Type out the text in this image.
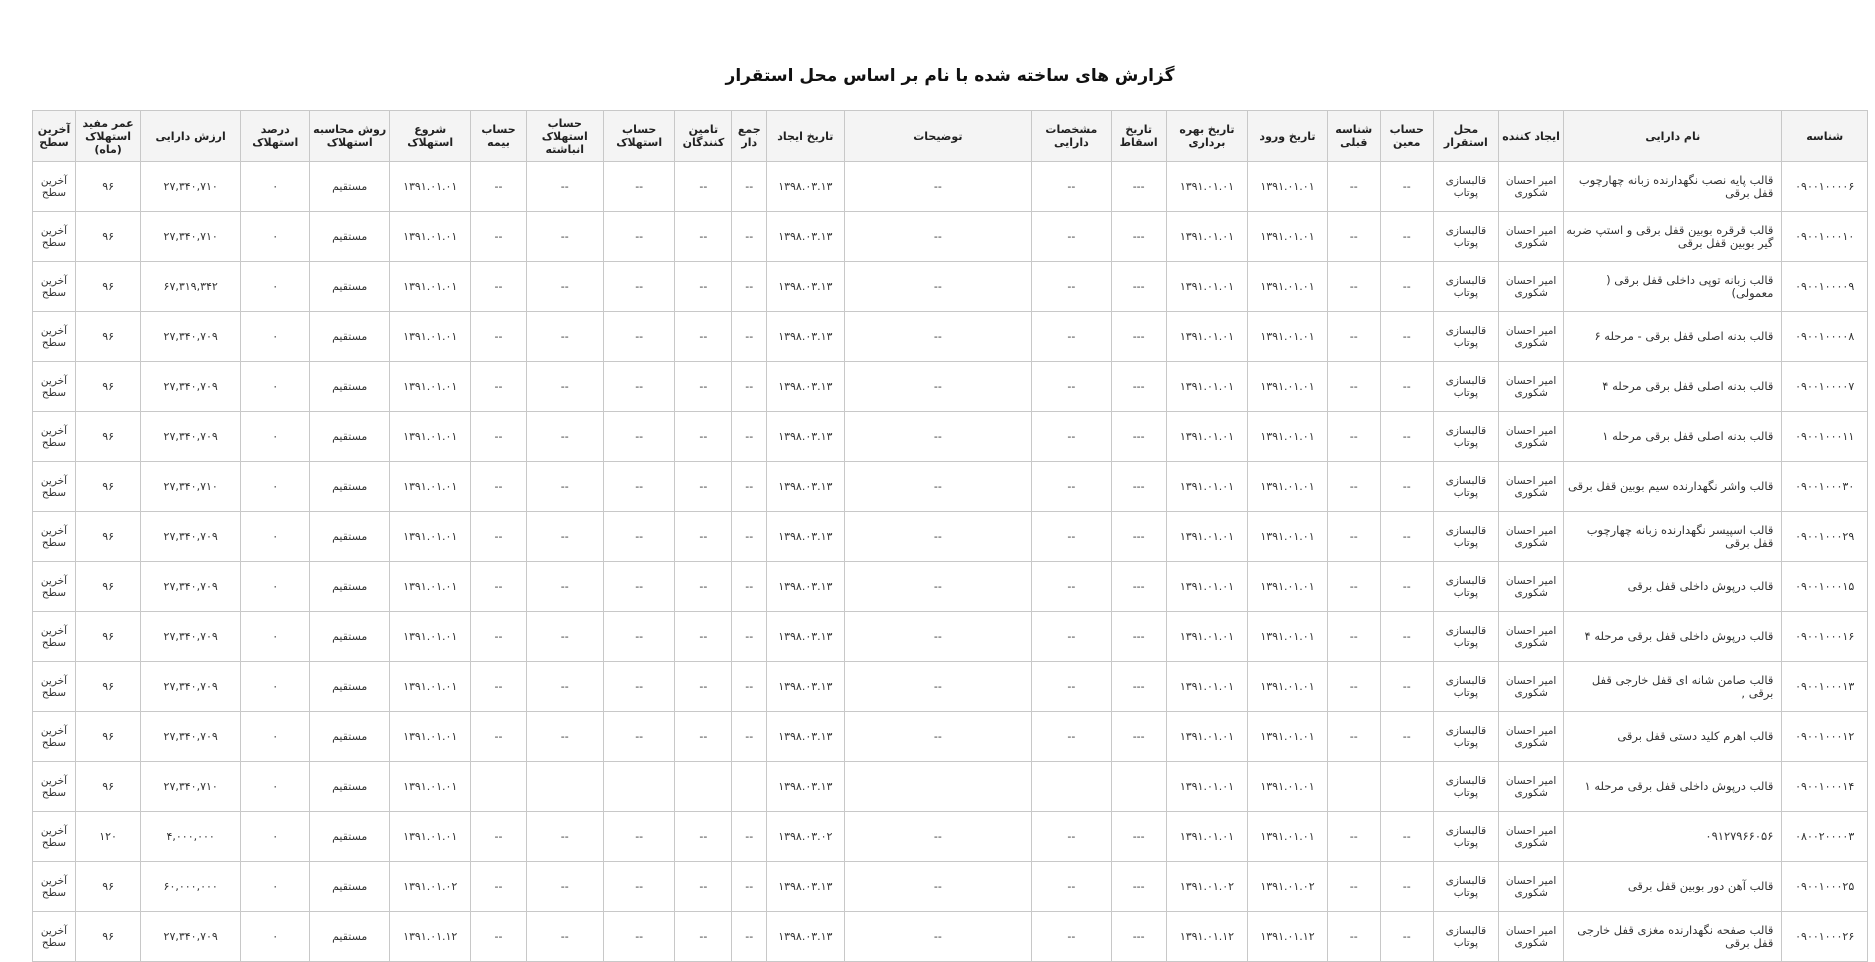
گزارش های ساخته شده با نام بر اساس محل استقرار
شناسه	نام دارایی	ایجاد کننده	محل استقرار	حساب معین	شناسه قبلی	تاریخ ورود	تاریخ بهره برداری	تاریخ اسقاط	مشخصات دارایی	توضیحات	تاریخ ایجاد	جمع دار	تامین کنندگان	حساب استهلاک	حساب استهلاک انباشته	حساب بیمه	شروع استهلاک	روش محاسبه استهلاک	درصد استهلاک	ارزش دارایی	عمر مفید استهلاک (ماه)	آخرین سطح
۰۹۰۰۱۰۰۰۰۶	قالب پایه نصب نگهدارنده زبانه چهارچوب قفل برقی	امیر احسان شکوری	قالبسازی پوتاب	--	--	۱۳۹۱.۰۱.۰۱	۱۳۹۱.۰۱.۰۱	---	--	--	۱۳۹۸.۰۳.۱۳	--	--	--	--	--	۱۳۹۱.۰۱.۰۱	مستقیم	۰	۲۷,۳۴۰,۷۱۰	۹۶	آخرین سطح
۰۹۰۰۱۰۰۰۱۰	قالب قرقره بوبین قفل برقی و استپ ضربه گیر بوبین قفل برقی	امیر احسان شکوری	قالبسازی پوتاب	--	--	۱۳۹۱.۰۱.۰۱	۱۳۹۱.۰۱.۰۱	---	--	--	۱۳۹۸.۰۳.۱۳	--	--	--	--	--	۱۳۹۱.۰۱.۰۱	مستقیم	۰	۲۷,۳۴۰,۷۱۰	۹۶	آخرین سطح
۰۹۰۰۱۰۰۰۰۹	قالب زبانه توپی داخلی قفل برقی ( معمولی)	امیر احسان شکوری	قالبسازی پوتاب	--	--	۱۳۹۱.۰۱.۰۱	۱۳۹۱.۰۱.۰۱	---	--	--	۱۳۹۸.۰۳.۱۳	--	--	--	--	--	۱۳۹۱.۰۱.۰۱	مستقیم	۰	۶۷,۳۱۹,۳۴۲	۹۶	آخرین سطح
۰۹۰۰۱۰۰۰۰۸	قالب بدنه اصلی قفل برقی - مرحله ۶	امیر احسان شکوری	قالبسازی پوتاب	--	--	۱۳۹۱.۰۱.۰۱	۱۳۹۱.۰۱.۰۱	---	--	--	۱۳۹۸.۰۳.۱۳	--	--	--	--	--	۱۳۹۱.۰۱.۰۱	مستقیم	۰	۲۷,۳۴۰,۷۰۹	۹۶	آخرین سطح
۰۹۰۰۱۰۰۰۰۷	قالب بدنه اصلی قفل برقی مرحله ۴	امیر احسان شکوری	قالبسازی پوتاب	--	--	۱۳۹۱.۰۱.۰۱	۱۳۹۱.۰۱.۰۱	---	--	--	۱۳۹۸.۰۳.۱۳	--	--	--	--	--	۱۳۹۱.۰۱.۰۱	مستقیم	۰	۲۷,۳۴۰,۷۰۹	۹۶	آخرین سطح
۰۹۰۰۱۰۰۰۱۱	قالب بدنه اصلی قفل برقی مرحله ۱	امیر احسان شکوری	قالبسازی پوتاب	--	--	۱۳۹۱.۰۱.۰۱	۱۳۹۱.۰۱.۰۱	---	--	--	۱۳۹۸.۰۳.۱۳	--	--	--	--	--	۱۳۹۱.۰۱.۰۱	مستقیم	۰	۲۷,۳۴۰,۷۰۹	۹۶	آخرین سطح
۰۹۰۰۱۰۰۰۳۰	قالب واشر نگهدارنده سیم بوبین قفل برقی	امیر احسان شکوری	قالبسازی پوتاب	--	--	۱۳۹۱.۰۱.۰۱	۱۳۹۱.۰۱.۰۱	---	--	--	۱۳۹۸.۰۳.۱۳	--	--	--	--	--	۱۳۹۱.۰۱.۰۱	مستقیم	۰	۲۷,۳۴۰,۷۱۰	۹۶	آخرین سطح
۰۹۰۰۱۰۰۰۲۹	قالب اسپیسر نگهدارنده زبانه چهارچوب قفل برقی	امیر احسان شکوری	قالبسازی پوتاب	--	--	۱۳۹۱.۰۱.۰۱	۱۳۹۱.۰۱.۰۱	---	--	--	۱۳۹۸.۰۳.۱۳	--	--	--	--	--	۱۳۹۱.۰۱.۰۱	مستقیم	۰	۲۷,۳۴۰,۷۰۹	۹۶	آخرین سطح
۰۹۰۰۱۰۰۰۱۵	قالب درپوش داخلی قفل برقی	امیر احسان شکوری	قالبسازی پوتاب	--	--	۱۳۹۱.۰۱.۰۱	۱۳۹۱.۰۱.۰۱	---	--	--	۱۳۹۸.۰۳.۱۳	--	--	--	--	--	۱۳۹۱.۰۱.۰۱	مستقیم	۰	۲۷,۳۴۰,۷۰۹	۹۶	آخرین سطح
۰۹۰۰۱۰۰۰۱۶	قالب درپوش داخلی قفل برقی مرحله ۴	امیر احسان شکوری	قالبسازی پوتاب	--	--	۱۳۹۱.۰۱.۰۱	۱۳۹۱.۰۱.۰۱	---	--	--	۱۳۹۸.۰۳.۱۳	--	--	--	--	--	۱۳۹۱.۰۱.۰۱	مستقیم	۰	۲۷,۳۴۰,۷۰۹	۹۶	آخرین سطح
۰۹۰۰۱۰۰۰۱۳	قالب صامن شانه ای قفل خارجی قفل برقی ,	امیر احسان شکوری	قالبسازی پوتاب	--	--	۱۳۹۱.۰۱.۰۱	۱۳۹۱.۰۱.۰۱	---	--	--	۱۳۹۸.۰۳.۱۳	--	--	--	--	--	۱۳۹۱.۰۱.۰۱	مستقیم	۰	۲۷,۳۴۰,۷۰۹	۹۶	آخرین سطح
۰۹۰۰۱۰۰۰۱۲	قالب اهرم کلید دستی قفل برقی	امیر احسان شکوری	قالبسازی پوتاب	--	--	۱۳۹۱.۰۱.۰۱	۱۳۹۱.۰۱.۰۱	---	--	--	۱۳۹۸.۰۳.۱۳	--	--	--	--	--	۱۳۹۱.۰۱.۰۱	مستقیم	۰	۲۷,۳۴۰,۷۰۹	۹۶	آخرین سطح
۰۹۰۰۱۰۰۰۱۴	قالب درپوش داخلی قفل برقی مرحله ۱	امیر احسان شکوری	قالبسازی پوتاب			۱۳۹۱.۰۱.۰۱	۱۳۹۱.۰۱.۰۱				۱۳۹۸.۰۳.۱۳						۱۳۹۱.۰۱.۰۱	مستقیم	۰	۲۷,۳۴۰,۷۱۰	۹۶	آخرین سطح
۰۸۰۰۲۰۰۰۰۳	۰۹۱۲۷۹۶۶۰۵۶	امیر احسان شکوری	قالبسازی پوتاب	--	--	۱۳۹۱.۰۱.۰۱	۱۳۹۱.۰۱.۰۱	---	--	--	۱۳۹۸.۰۳.۰۲	--	--	--	--	--	۱۳۹۱.۰۱.۰۱	مستقیم	۰	۴,۰۰۰,۰۰۰	۱۲۰	آخرین سطح
۰۹۰۰۱۰۰۰۲۵	قالب آهن دور بوبین قفل برقی	امیر احسان شکوری	قالبسازی پوتاب	--	--	۱۳۹۱.۰۱.۰۲	۱۳۹۱.۰۱.۰۲	---	--	--	۱۳۹۸.۰۳.۱۳	--	--	--	--	--	۱۳۹۱.۰۱.۰۲	مستقیم	۰	۶۰,۰۰۰,۰۰۰	۹۶	آخرین سطح
۰۹۰۰۱۰۰۰۲۶	قالب صفحه نگهدارنده مغزی قفل خارجی قفل برقی	امیر احسان شکوری	قالبسازی پوتاب	--	--	۱۳۹۱.۰۱.۱۲	۱۳۹۱.۰۱.۱۲	---	--	--	۱۳۹۸.۰۳.۱۳	--	--	--	--	--	۱۳۹۱.۰۱.۱۲	مستقیم	۰	۲۷,۳۴۰,۷۰۹	۹۶	آخرین سطح
